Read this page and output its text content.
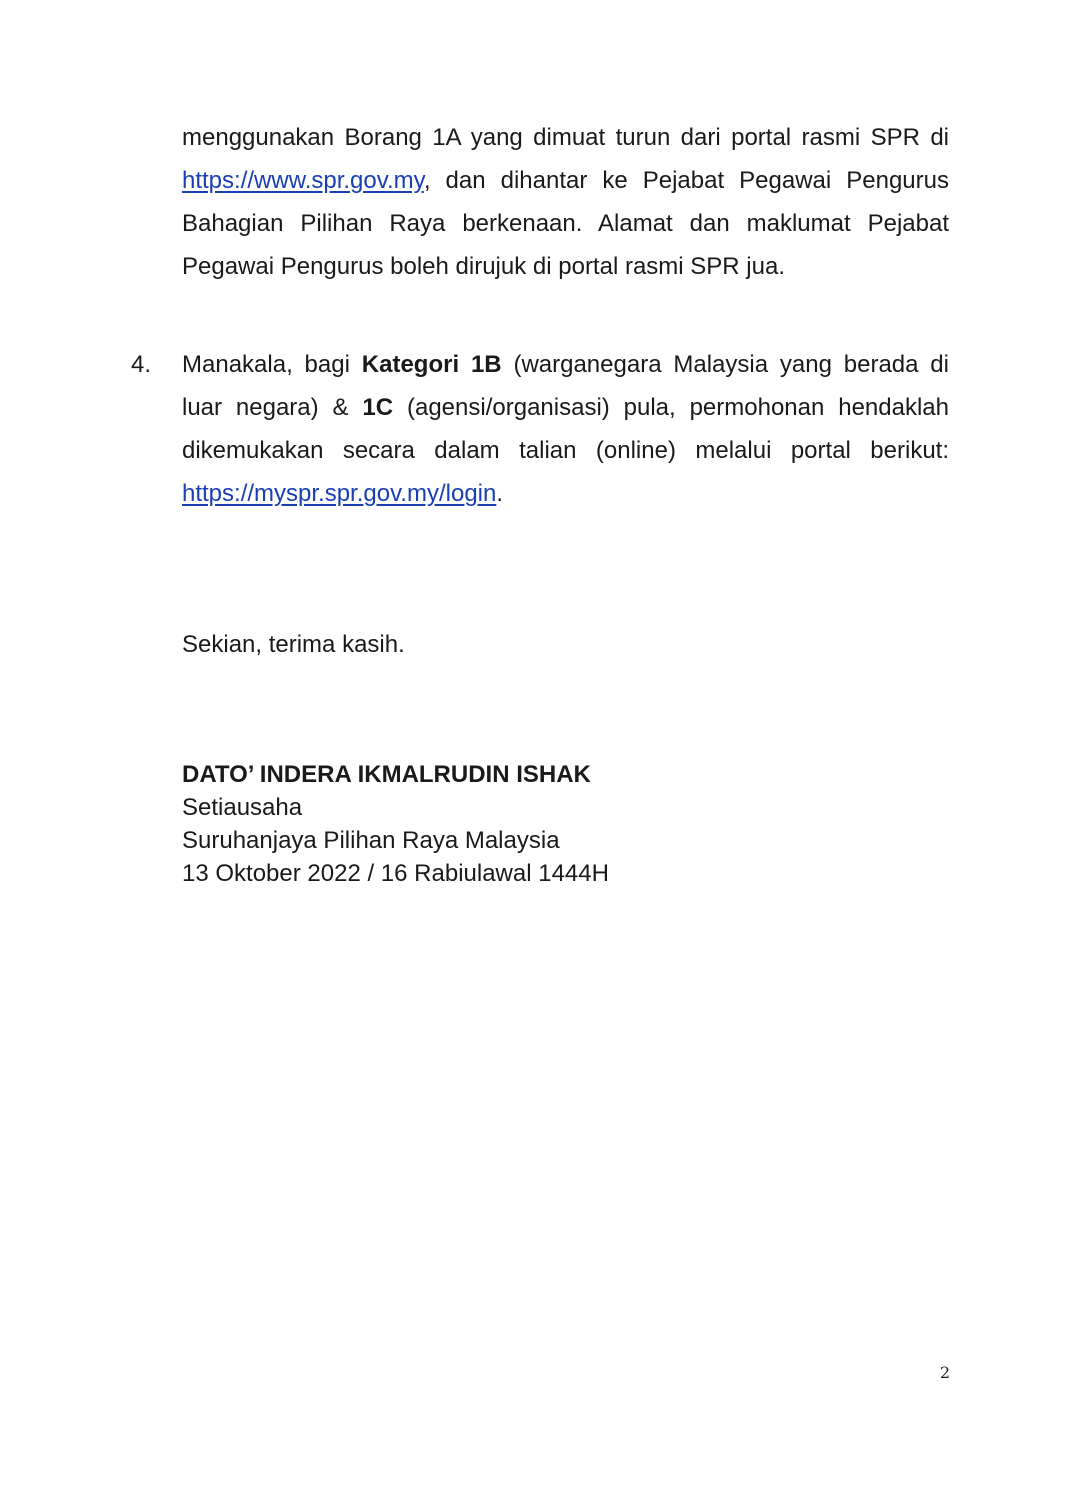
menggunakan Borang 1A yang dimuat turun dari portal rasmi SPR di https://www.spr.gov.my, dan dihantar ke Pejabat Pegawai Pengurus Bahagian Pilihan Raya berkenaan. Alamat dan maklumat Pejabat Pegawai Pengurus boleh dirujuk di portal rasmi SPR jua.

4. Manakala, bagi Kategori 1B (warganegara Malaysia yang berada di luar negara) & 1C (agensi/organisasi) pula, permohonan hendaklah dikemukakan secara dalam talian (online) melalui portal berikut: https://myspr.spr.gov.my/login.

Sekian, terima kasih.

DATO’ INDERA IKMALRUDIN ISHAK
Setiausaha
Suruhanjaya Pilihan Raya Malaysia
13 Oktober 2022 / 16 Rabiulawal 1444H
2
